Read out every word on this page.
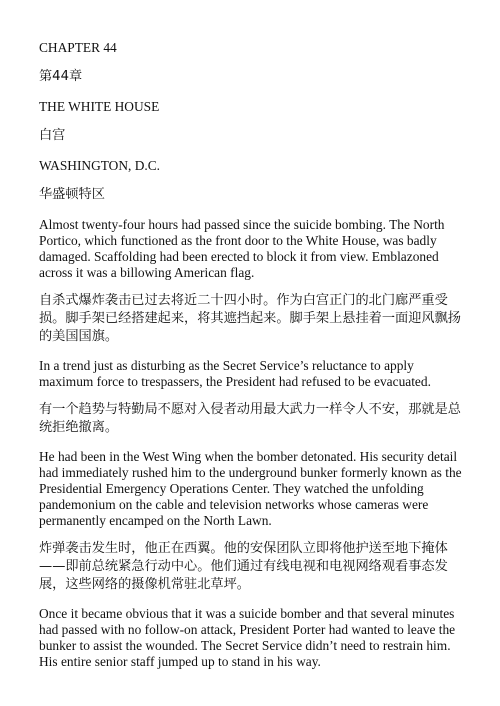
CHAPTER 44

第44章

THE WHITE HOUSE

白宫

WASHINGTON, D.C.

华盛顿特区

Almost twenty-four hours had passed since the suicide bombing. The North Portico, which functioned as the front door to the White House, was badly damaged. Scaffolding had been erected to block it from view. Emblazoned across it was a billowing American flag.

自杀式爆炸袭击已过去将近二十四小时。作为白宫正门的北门廊严重受损。脚手架已经搭建起来，将其遮挡起来。脚手架上悬挂着一面迎风飘扬的美国国旗。

In a trend just as disturbing as the Secret Service’s reluctance to apply maximum force to trespassers, the President had refused to be evacuated.

有一个趋势与特勤局不愿对入侵者动用最大武力一样令人不安，那就是总统拒绝撤离。

He had been in the West Wing when the bomber detonated. His security detail had immediately rushed him to the underground bunker formerly known as the Presidential Emergency Operations Center. They watched the unfolding pandemonium on the cable and television networks whose cameras were permanently encamped on the North Lawn.

炸弹袭击发生时，他正在西翼。他的安保团队立即将他护送至地下掩体——即前总统紧急行动中心。他们通过有线电视和电视网络观看事态发展，这些网络的摄像机常驻北草坪。

Once it became obvious that it was a suicide bomber and that several minutes had passed with no follow-on attack, President Porter had wanted to leave the bunker to assist the wounded. The Secret Service didn’t need to restrain him. His entire senior staff jumped up to stand in his way.
